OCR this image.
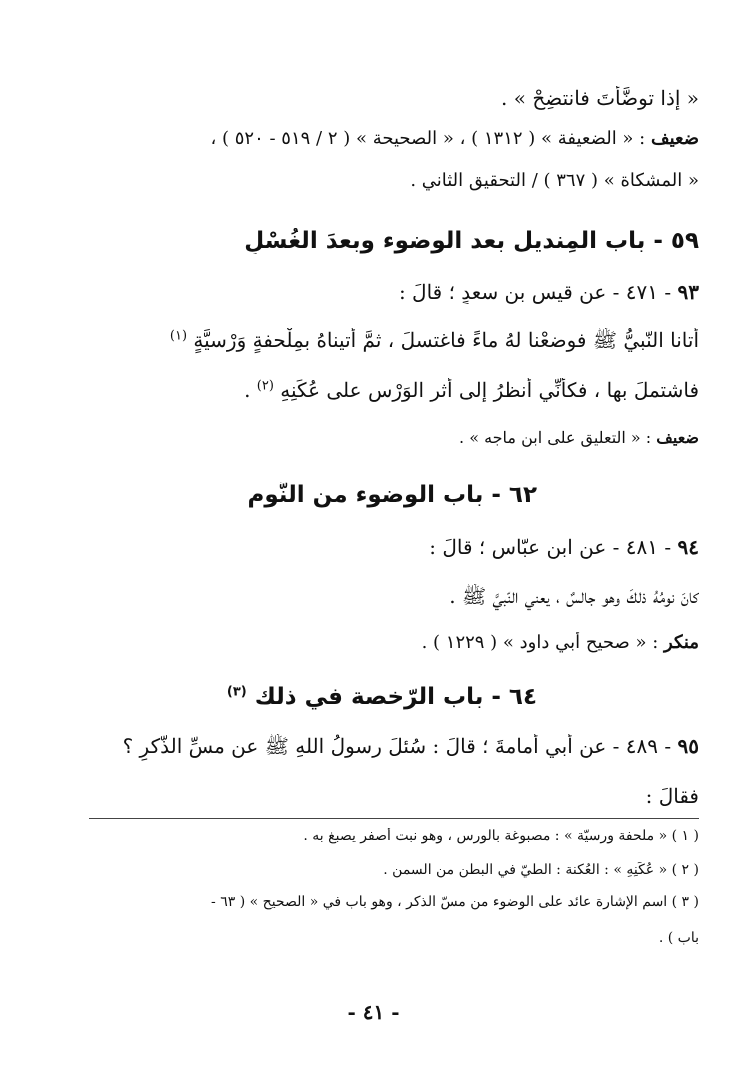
« إذا توضَّأتَ فانتضِحْ » .
ضعيف : « الضعيفة » ( ١٣١٢ ) ، « الصحيحة » ( ٢ / ٥١٩ - ٥٢٠ ) ،
« المشكاة » ( ٣٦٧ ) / التحقيق الثاني .
٥٩ - باب المِنديل بعد الوضوء وبعدَ الغُسْلِ
٩٣ - ٤٧١ - عن قيسِ بنِ سعدٍ ؛ قالَ :
أتانا النّبيُّ ﷺ فوضعْنا لهُ ماءً فاغتسلَ ، ثمَّ أتيناهُ بمِلْحفةٍ وَرْسيَّةٍ $^{(١)}$
فاشتملَ بها ، فكأنِّي أنظرُ إلى أثرِ الوَرْسِ على عُكَنِهِ $^{(٢)}$ .
ضعيف : « التعليق على ابن ماجه » .
٦٢ - باب الوضوء من النَّوم
٩٤ - ٤٨١ - عن ابنِ عبّاسٍ ؛ قالَ :
كانَ نومُهُ ذلكَ وهو جالسٌ ، يعني النّبيَّ ﷺ .
منكر : « صحيح أبي داود » ( ١٢٢٩ ) .
٦٤ - باب الرّخصة في ذلك $^{(٣)}$
٩٥ - ٤٨٩ - عن أبي أُمامةَ ؛ قالَ : سُئلَ رسولُ اللهِ ﷺ عن مسِّ الذّكرِ ؟
فقالَ :
( ١ ) « ملحفة ورسيّة » : مصبوغة بالورس ، وهو نبت أصفر يصبغ به .
( ٢ ) « عُكَنِهِ » : العُكنة : الطيّ في البطن من السمن .
( ٣ ) اسم الإشارة عائد على الوضوء من مسّ الذكر ، وهو باب في « الصحيح » ( ٦٣ -
باب ) .
- ٤١ -
